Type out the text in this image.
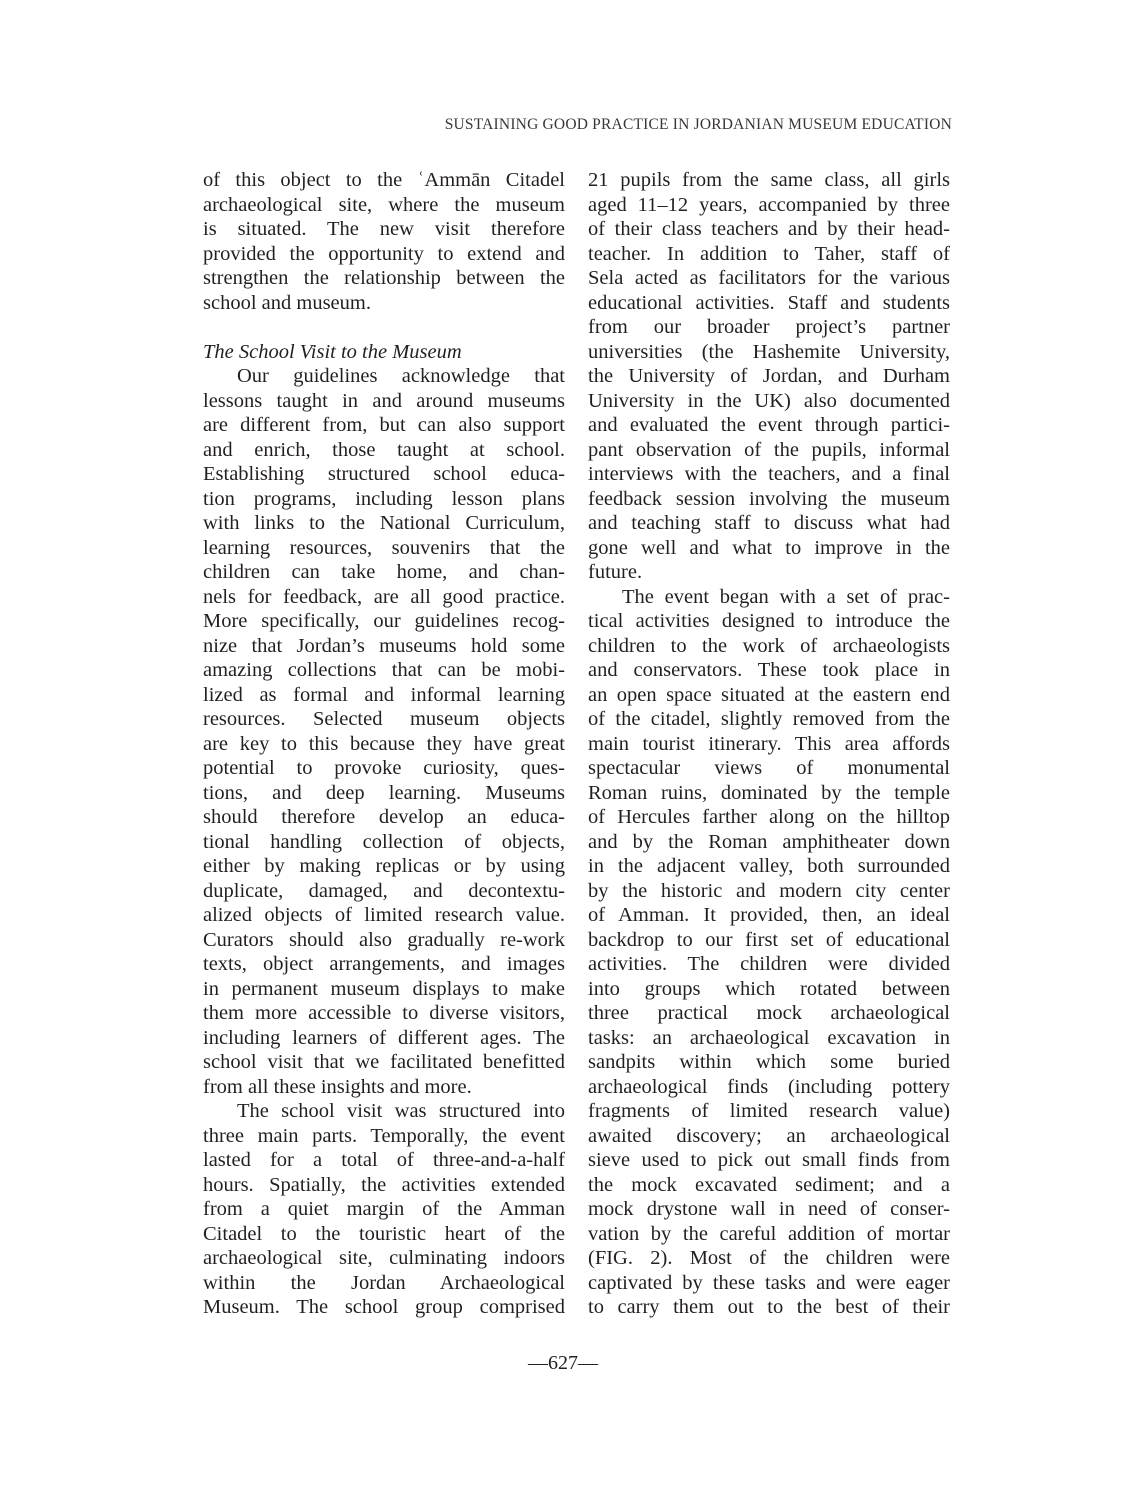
SUSTAINING GOOD PRACTICE IN JORDANIAN MUSEUM EDUCATION
of this object to the ʿAmmān Citadel
archaeological site, where the museum
is situated. The new visit therefore
provided the opportunity to extend and
strengthen the relationship between the
school and museum.
The School Visit to the Museum
Our guidelines acknowledge that
lessons taught in and around museums
are different from, but can also support
and enrich, those taught at school.
Establishing structured school educa-
tion programs, including lesson plans
with links to the National Curriculum,
learning resources, souvenirs that the
children can take home, and chan-
nels for feedback, are all good practice.
More specifically, our guidelines recog-
nize that Jordan’s museums hold some
amazing collections that can be mobi-
lized as formal and informal learning
resources. Selected museum objects
are key to this because they have great
potential to provoke curiosity, ques-
tions, and deep learning. Museums
should therefore develop an educa-
tional handling collection of objects,
either by making replicas or by using
duplicate, damaged, and decontextu-
alized objects of limited research value.
Curators should also gradually re-work
texts, object arrangements, and images
in permanent museum displays to make
them more accessible to diverse visitors,
including learners of different ages. The
school visit that we facilitated benefitted
from all these insights and more.
The school visit was structured into
three main parts. Temporally, the event
lasted for a total of three-and-a-half
hours. Spatially, the activities extended
from a quiet margin of the Amman
Citadel to the touristic heart of the
archaeological site, culminating indoors
within the Jordan Archaeological
Museum. The school group comprised
21 pupils from the same class, all girls
aged 11–12 years, accompanied by three
of their class teachers and by their head-
teacher. In addition to Taher, staff of
Sela acted as facilitators for the various
educational activities. Staff and students
from our broader project’s partner
universities (the Hashemite University,
the University of Jordan, and Durham
University in the UK) also documented
and evaluated the event through partici-
pant observation of the pupils, informal
interviews with the teachers, and a final
feedback session involving the museum
and teaching staff to discuss what had
gone well and what to improve in the
future.
The event began with a set of prac-
tical activities designed to introduce the
children to the work of archaeologists
and conservators. These took place in
an open space situated at the eastern end
of the citadel, slightly removed from the
main tourist itinerary. This area affords
spectacular views of monumental
Roman ruins, dominated by the temple
of Hercules farther along on the hilltop
and by the Roman amphitheater down
in the adjacent valley, both surrounded
by the historic and modern city center
of Amman. It provided, then, an ideal
backdrop to our first set of educational
activities. The children were divided
into groups which rotated between
three practical mock archaeological
tasks: an archaeological excavation in
sandpits within which some buried
archaeological finds (including pottery
fragments of limited research value)
awaited discovery; an archaeological
sieve used to pick out small finds from
the mock excavated sediment; and a
mock drystone wall in need of conser-
vation by the careful addition of mortar
(FIG. 2). Most of the children were
captivated by these tasks and were eager
to carry them out to the best of their
—627—
